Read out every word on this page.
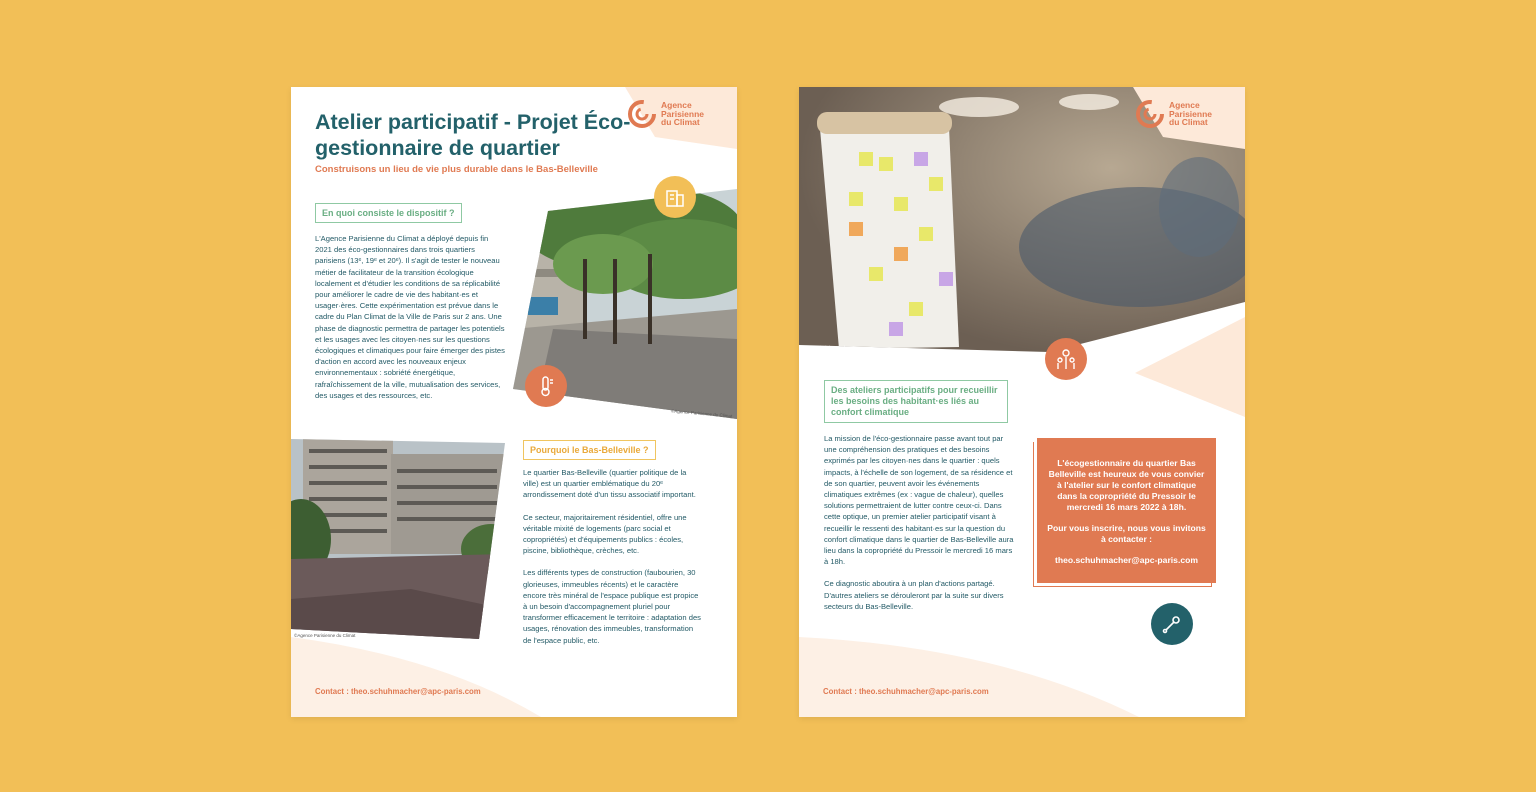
Agence
Parisienne
du Climat
Atelier participatif - Projet Éco-gestionnaire de quartier
Construisons un lieu de vie plus durable dans le Bas-Belleville
En quoi consiste le dispositif ?

L'Agence Parisienne du Climat a déployé depuis fin 2021 des éco-gestionnaires dans trois quartiers parisiens (13ᵉ, 19ᵉ et 20ᵉ). Il s'agit de tester le nouveau métier de facilitateur de la transition écologique localement et d'étudier les conditions de sa réplicabilité pour améliorer le cadre de vie des habitant·es et usager·ères. Cette expérimentation est prévue dans le cadre du Plan Climat de la Ville de Paris sur 2 ans. Une phase de diagnostic permettra de partager les potentiels et les usages avec les citoyen·nes sur les questions écologiques et climatiques pour faire émerger des pistes d'action en accord avec les nouveaux enjeux environnementaux : sobriété énergétique, rafraîchissement de la ville, mutualisation des services, des usages et des ressources, etc.

©Agence Parisienne du Climat
©Agence Parisienne du Climat
Pourquoi le Bas-Belleville ?

Le quartier Bas-Belleville (quartier politique de la ville) est un quartier emblématique du 20ᵉ arrondissement doté d'un tissu associatif important.

Ce secteur, majoritairement résidentiel, offre une véritable mixité de logements (parc social et copropriétés) et d'équipements publics : écoles, piscine, bibliothèque, crèches, etc.

Les différents types de construction (faubourien, 30 glorieuses, immeubles récents) et le caractère encore très minéral de l'espace publique est propice à un besoin d'accompagnement pluriel pour transformer efficacement le territoire : adaptation des usages, rénovation des immeubles, transformation de l'espace public, etc.

Contact : theo.schuhmacher@apc-paris.com
©nullplus/Adobe Stock
Agence
Parisienne
du Climat
Des ateliers participatifs pour recueillir les besoins des habitant·es liés au confort climatique

La mission de l'éco-gestionnaire passe avant tout par une compréhension des pratiques et des besoins exprimés par les citoyen·nes dans le quartier : quels impacts, à l'échelle de son logement, de sa résidence et de son quartier, peuvent avoir les événements climatiques extrêmes (ex : vague de chaleur), quelles solutions permettraient de lutter contre ceux-ci. Dans cette optique, un premier atelier participatif visant à recueillir le ressenti des habitant·es sur la question du confort climatique dans le quartier de Bas-Belleville aura lieu dans la copropriété du Pressoir le mercredi 16 mars à 18h.

Ce diagnostic aboutira à un plan d'actions partagé. D'autres ateliers se dérouleront par la suite sur divers secteurs du Bas-Belleville.

L'écogestionnaire du quartier Bas Belleville est heureux de vous convier à l'atelier sur le confort climatique dans la copropriété du Pressoir le mercredi 16 mars 2022 à 18h.

Pour vous inscrire, nous vous invitons à contacter :

theo.schuhmacher@apc-paris.com

Contact : theo.schuhmacher@apc-paris.com
